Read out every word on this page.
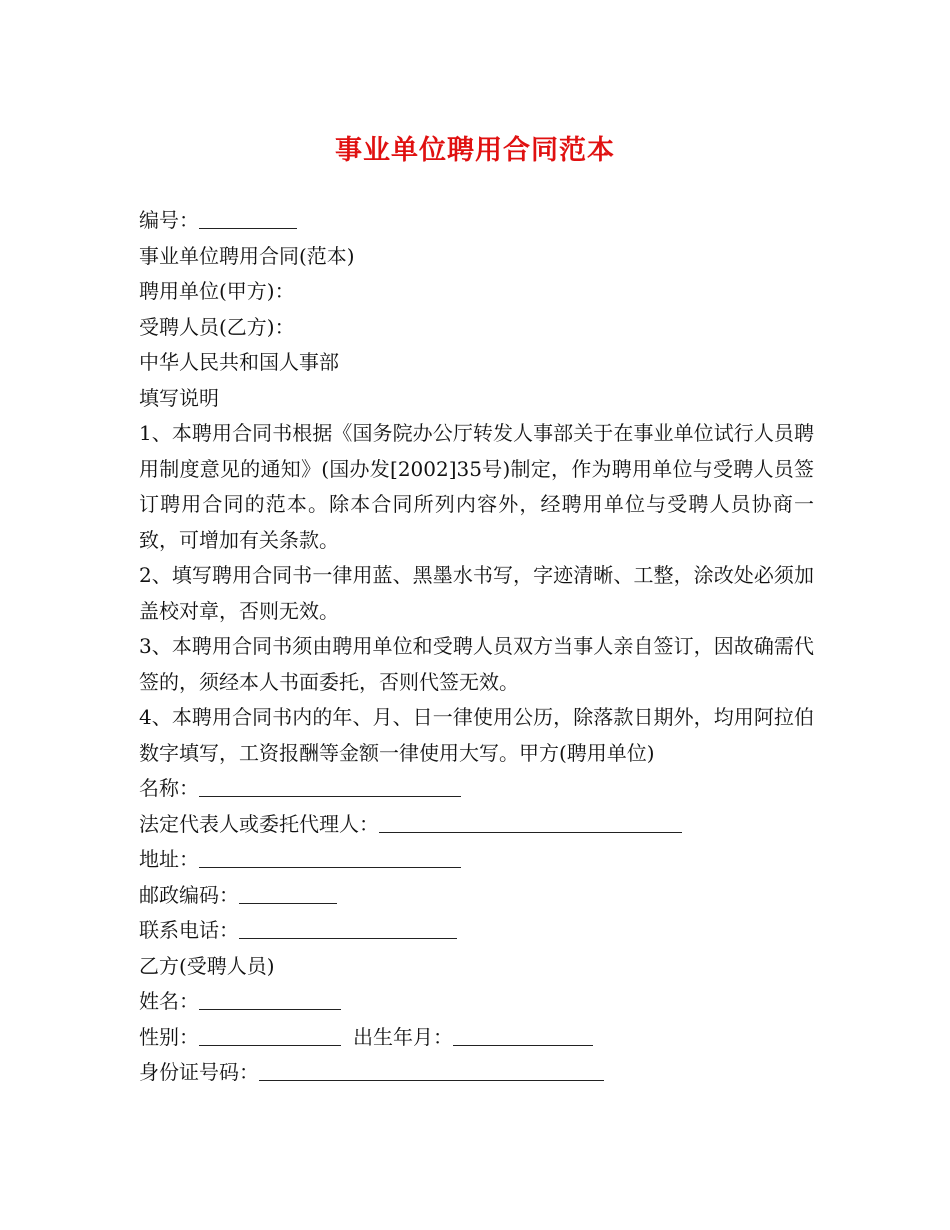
事业单位聘用合同范本
编号：
事业单位聘用合同(范本)
聘用单位(甲方)：
受聘人员(乙方)：
中华人民共和国人事部
填写说明
1、本聘用合同书根据《国务院办公厅转发人事部关于在事业单位试行人员聘用制度意见的通知》(国办发[2002]35号)制定，作为聘用单位与受聘人员签订聘用合同的范本。除本合同所列内容外，经聘用单位与受聘人员协商一致，可增加有关条款。
2、填写聘用合同书一律用蓝、黑墨水书写，字迹清晰、工整，涂改处必须加盖校对章，否则无效。
3、本聘用合同书须由聘用单位和受聘人员双方当事人亲自签订，因故确需代签的，须经本人书面委托，否则代签无效。
4、本聘用合同书内的年、月、日一律使用公历，除落款日期外，均用阿拉伯数字填写，工资报酬等金额一律使用大写。甲方(聘用单位)
名称：
法定代表人或委托代理人：
地址：
邮政编码：
联系电话：
乙方(受聘人员)
姓名：
性别：	出生年月：
身份证号码：
